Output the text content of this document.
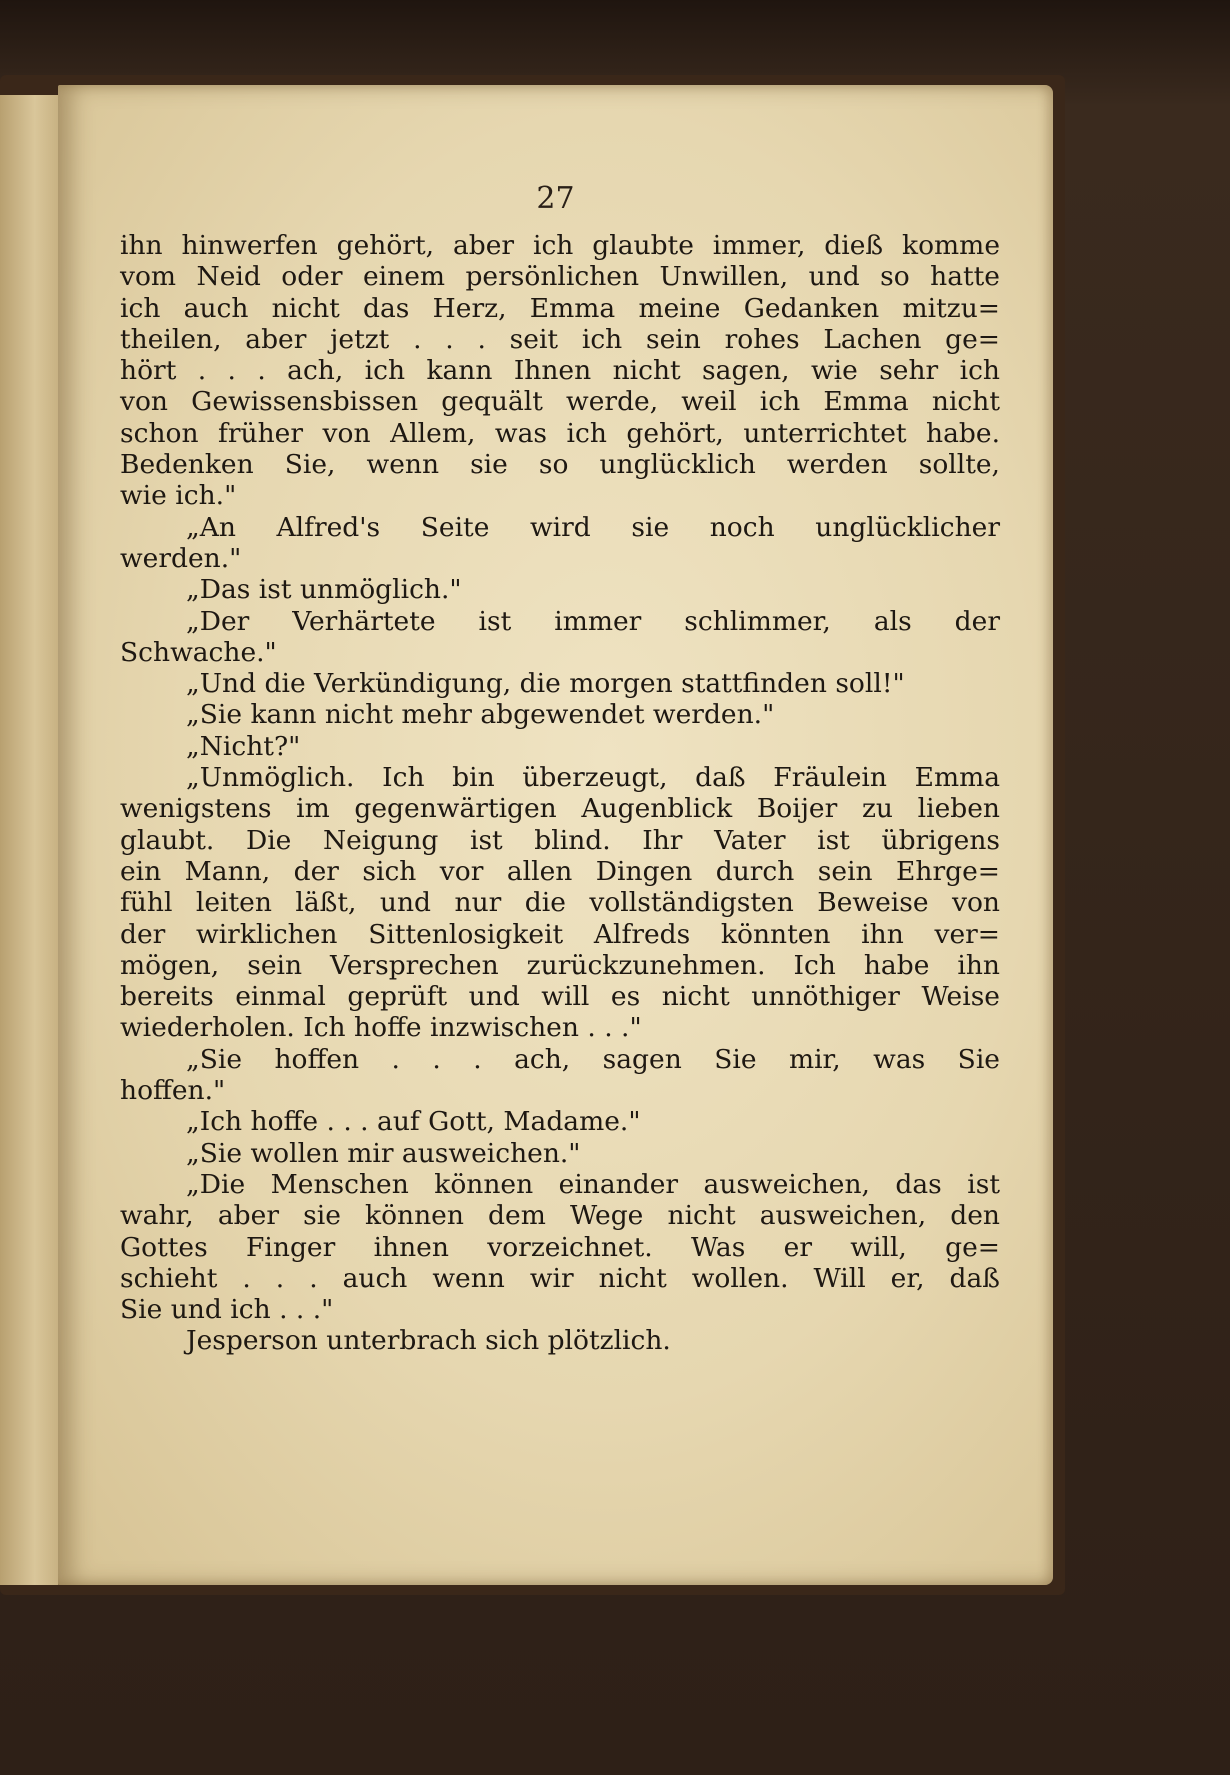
27
ihn hinwerfen gehört, aber ich glaubte immer, dieß komme
vom Neid oder einem persönlichen Unwillen, und so hatte
ich auch nicht das Herz, Emma meine Gedanken mitzu=
theilen, aber jetzt . . . seit ich sein rohes Lachen ge=
hört . . . ach, ich kann Ihnen nicht sagen, wie sehr ich
von Gewissensbissen gequält werde, weil ich Emma nicht
schon früher von Allem, was ich gehört, unterrichtet habe.
Bedenken Sie, wenn sie so unglücklich werden sollte,
wie ich."
„An Alfred's Seite wird sie noch unglücklicher
werden."
„Das ist unmöglich."
„Der Verhärtete ist immer schlimmer, als der
Schwache."
„Und die Verkündigung, die morgen stattfinden soll!"
„Sie kann nicht mehr abgewendet werden."
„Nicht?"
„Unmöglich. Ich bin überzeugt, daß Fräulein Emma
wenigstens im gegenwärtigen Augenblick Boijer zu lieben
glaubt. Die Neigung ist blind. Ihr Vater ist übrigens
ein Mann, der sich vor allen Dingen durch sein Ehrge=
fühl leiten läßt, und nur die vollständigsten Beweise von
der wirklichen Sittenlosigkeit Alfreds könnten ihn ver=
mögen, sein Versprechen zurückzunehmen. Ich habe ihn
bereits einmal geprüft und will es nicht unnöthiger Weise
wiederholen. Ich hoffe inzwischen . . ."
„Sie hoffen . . . ach, sagen Sie mir, was Sie
hoffen."
„Ich hoffe . . . auf Gott, Madame."
„Sie wollen mir ausweichen."
„Die Menschen können einander ausweichen, das ist
wahr, aber sie können dem Wege nicht ausweichen, den
Gottes Finger ihnen vorzeichnet. Was er will, ge=
schieht . . . auch wenn wir nicht wollen. Will er, daß
Sie und ich . . ."
Jesperson unterbrach sich plötzlich.
